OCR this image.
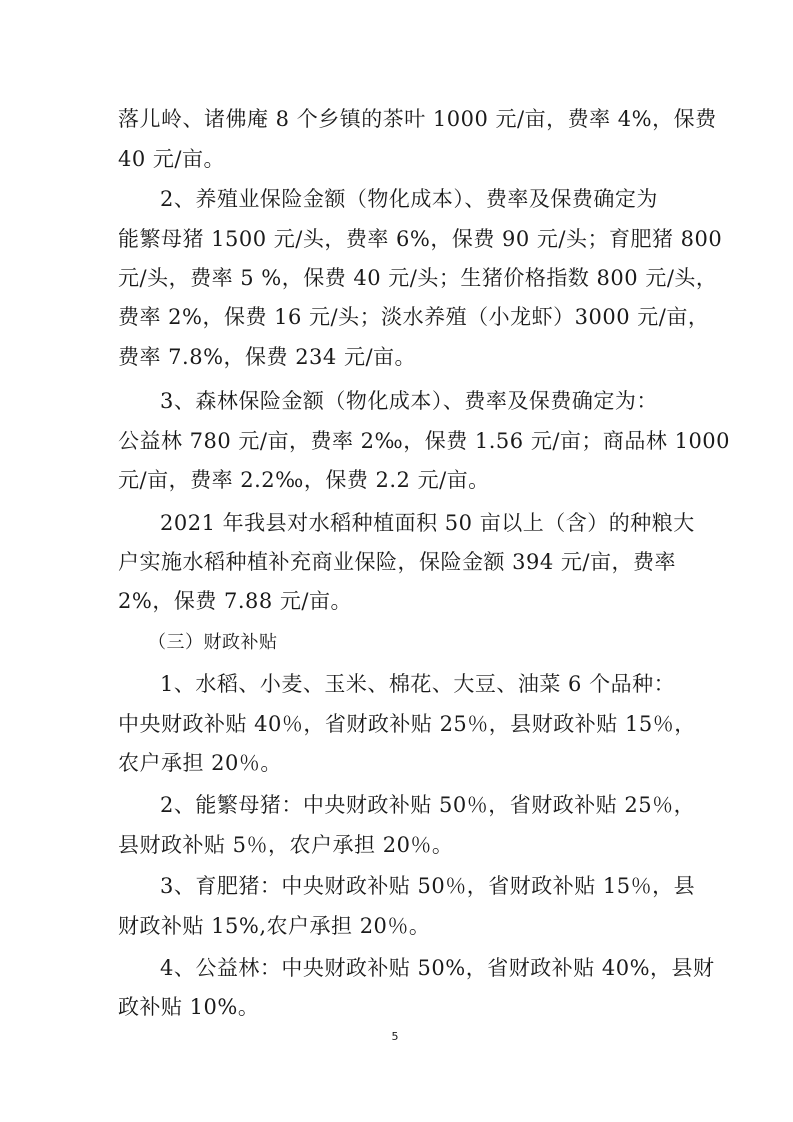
落儿岭、诸佛庵 8 个乡镇的茶叶 1000 元/亩，费率 4%，保费
40 元/亩。
2、养殖业保险金额（物化成本）、费率及保费确定为
能繁母猪 1500 元/头，费率 6%，保费 90 元/头；育肥猪 800
元/头，费率 5 %，保费 40 元/头；生猪价格指数 800 元/头，
费率 2%，保费 16 元/头；淡水养殖（小龙虾）3000 元/亩，
费率 7.8%，保费 234 元/亩。
3、森林保险金额（物化成本）、费率及保费确定为：
公益林 780 元/亩，费率 2‰，保费 1.56 元/亩；商品林 1000
元/亩，费率 2.2‰，保费 2.2 元/亩。
2021 年我县对水稻种植面积 50 亩以上（含）的种粮大
户实施水稻种植补充商业保险，保险金额 394 元/亩，费率
2%，保费 7.88 元/亩。
（三）财政补贴
1、水稻、小麦、玉米、棉花、大豆、油菜 6 个品种：
中央财政补贴 40％，省财政补贴 25％，县财政补贴 15％，
农户承担 20％。
2、能繁母猪：中央财政补贴 50％，省财政补贴 25％，
县财政补贴 5％，农户承担 20％。
3、育肥猪：中央财政补贴 50％，省财政补贴 15％，县
财政补贴 15%,农户承担 20％。
4、公益林：中央财政补贴 50%，省财政补贴 40%，县财
政补贴 10%。
5
